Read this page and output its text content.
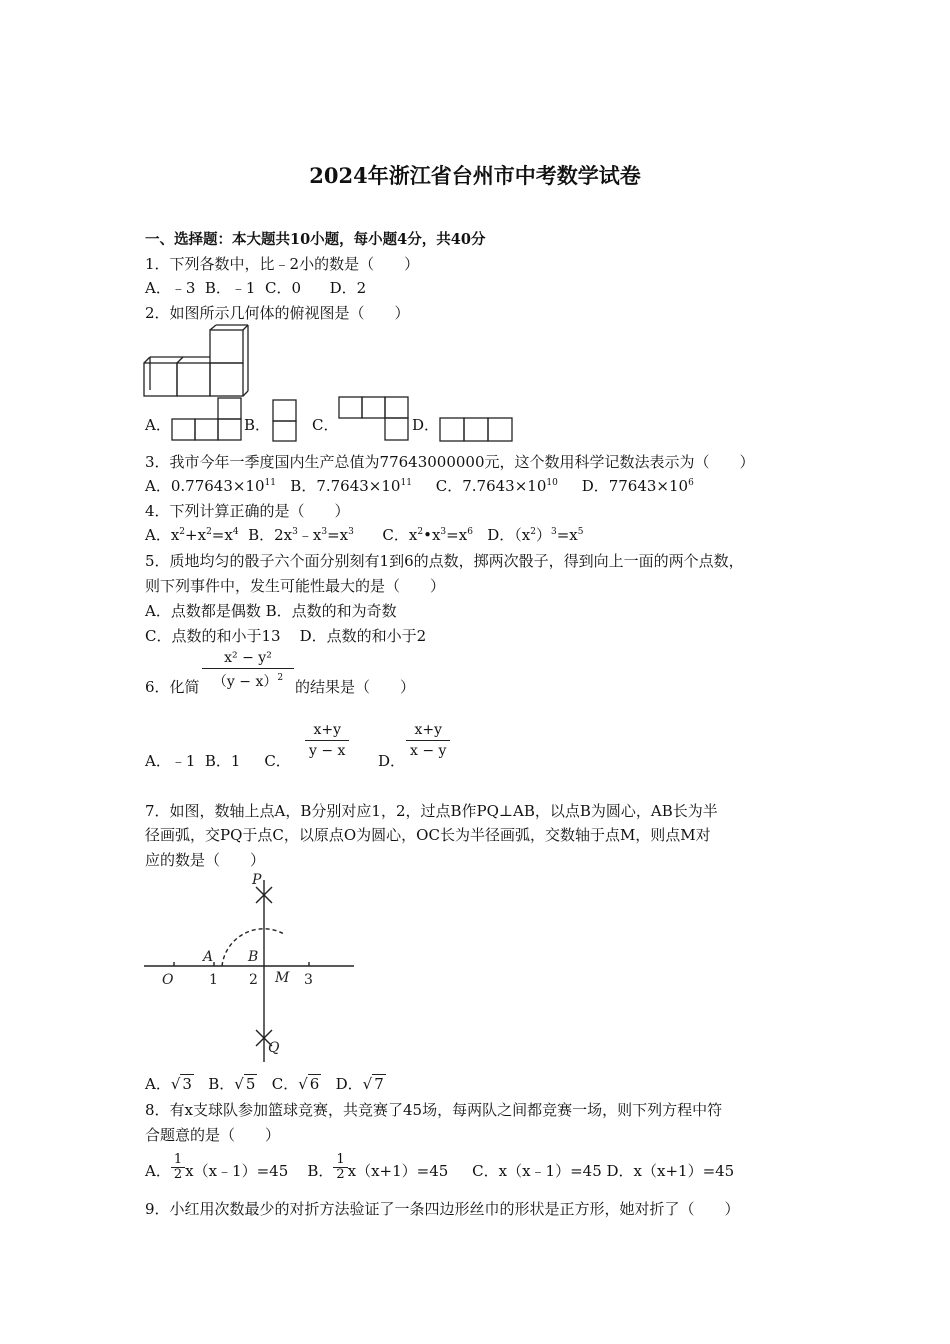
2024年浙江省台州市中考数学试卷
一、选择题：本大题共10小题，每小题4分，共40分
1．下列各数中，比﹣2小的数是（　　）
A．﹣3  B．﹣1  C．0      D．2
2．如图所示几何体的俯视图是（　　）
A．	B．	C．	D．
3．我市今年一季度国内生产总值为77643000000元，这个数用科学记数法表示为（　　）
A．$0.77643\times 10^{11}$ B．$7.7643\times 10^{11}$ C．$7.7643\times 10^{10}$ D．$77643\times 10^6$
4．下列计算正确的是（　　）
A．$x^2+x^2=x^4$  B．$2x^3﹣x^3=x^3$      C．$x^2•x^3=x^6$   D．$(x^2)^3=x^5$
5．质地均匀的骰子六个面分别刻有1到6的点数，掷两次骰子，得到向上一面的两个点数，
则下列事件中，发生可能性最大的是（　　）
A．点数都是偶数 B．点数的和为奇数
C．点数的和小于13    D．点数的和小于2
6．化简
x² − y²
$(y - x)^2$ 的结果是（　　）
A．﹣1  B．1     C．
$\frac{x+y}{y - x}$
D．
$\frac{x+y}{x - y}$
7．如图，数轴上点A，B分别对应1，2，过点B作PQ⊥AB，以点B为圆心，AB长为半
径画弧，交PQ于点C，以原点O为圆心，OC长为半径画弧，交数轴于点M，则点M对
应的数是（　　）
P
Q
O
A B
M
1 2	3
A．√ 3 B．√ 5 C．√ 6 D．√ 7
8．有x支球队参加篮球竞赛，共竞赛了45场，每两队之间都竞赛一场，则下列方程中符
合题意的是（　　）
A． $\frac{1}{2}$ x（x﹣1）=45    B． $\frac{1}{2} x(x+1)=45$     C．x（x﹣1）=45 D．x（x+1）=45
9．小红用次数最少的对折方法验证了一条四边形丝巾的形状是正方形，她对折了（　　）
